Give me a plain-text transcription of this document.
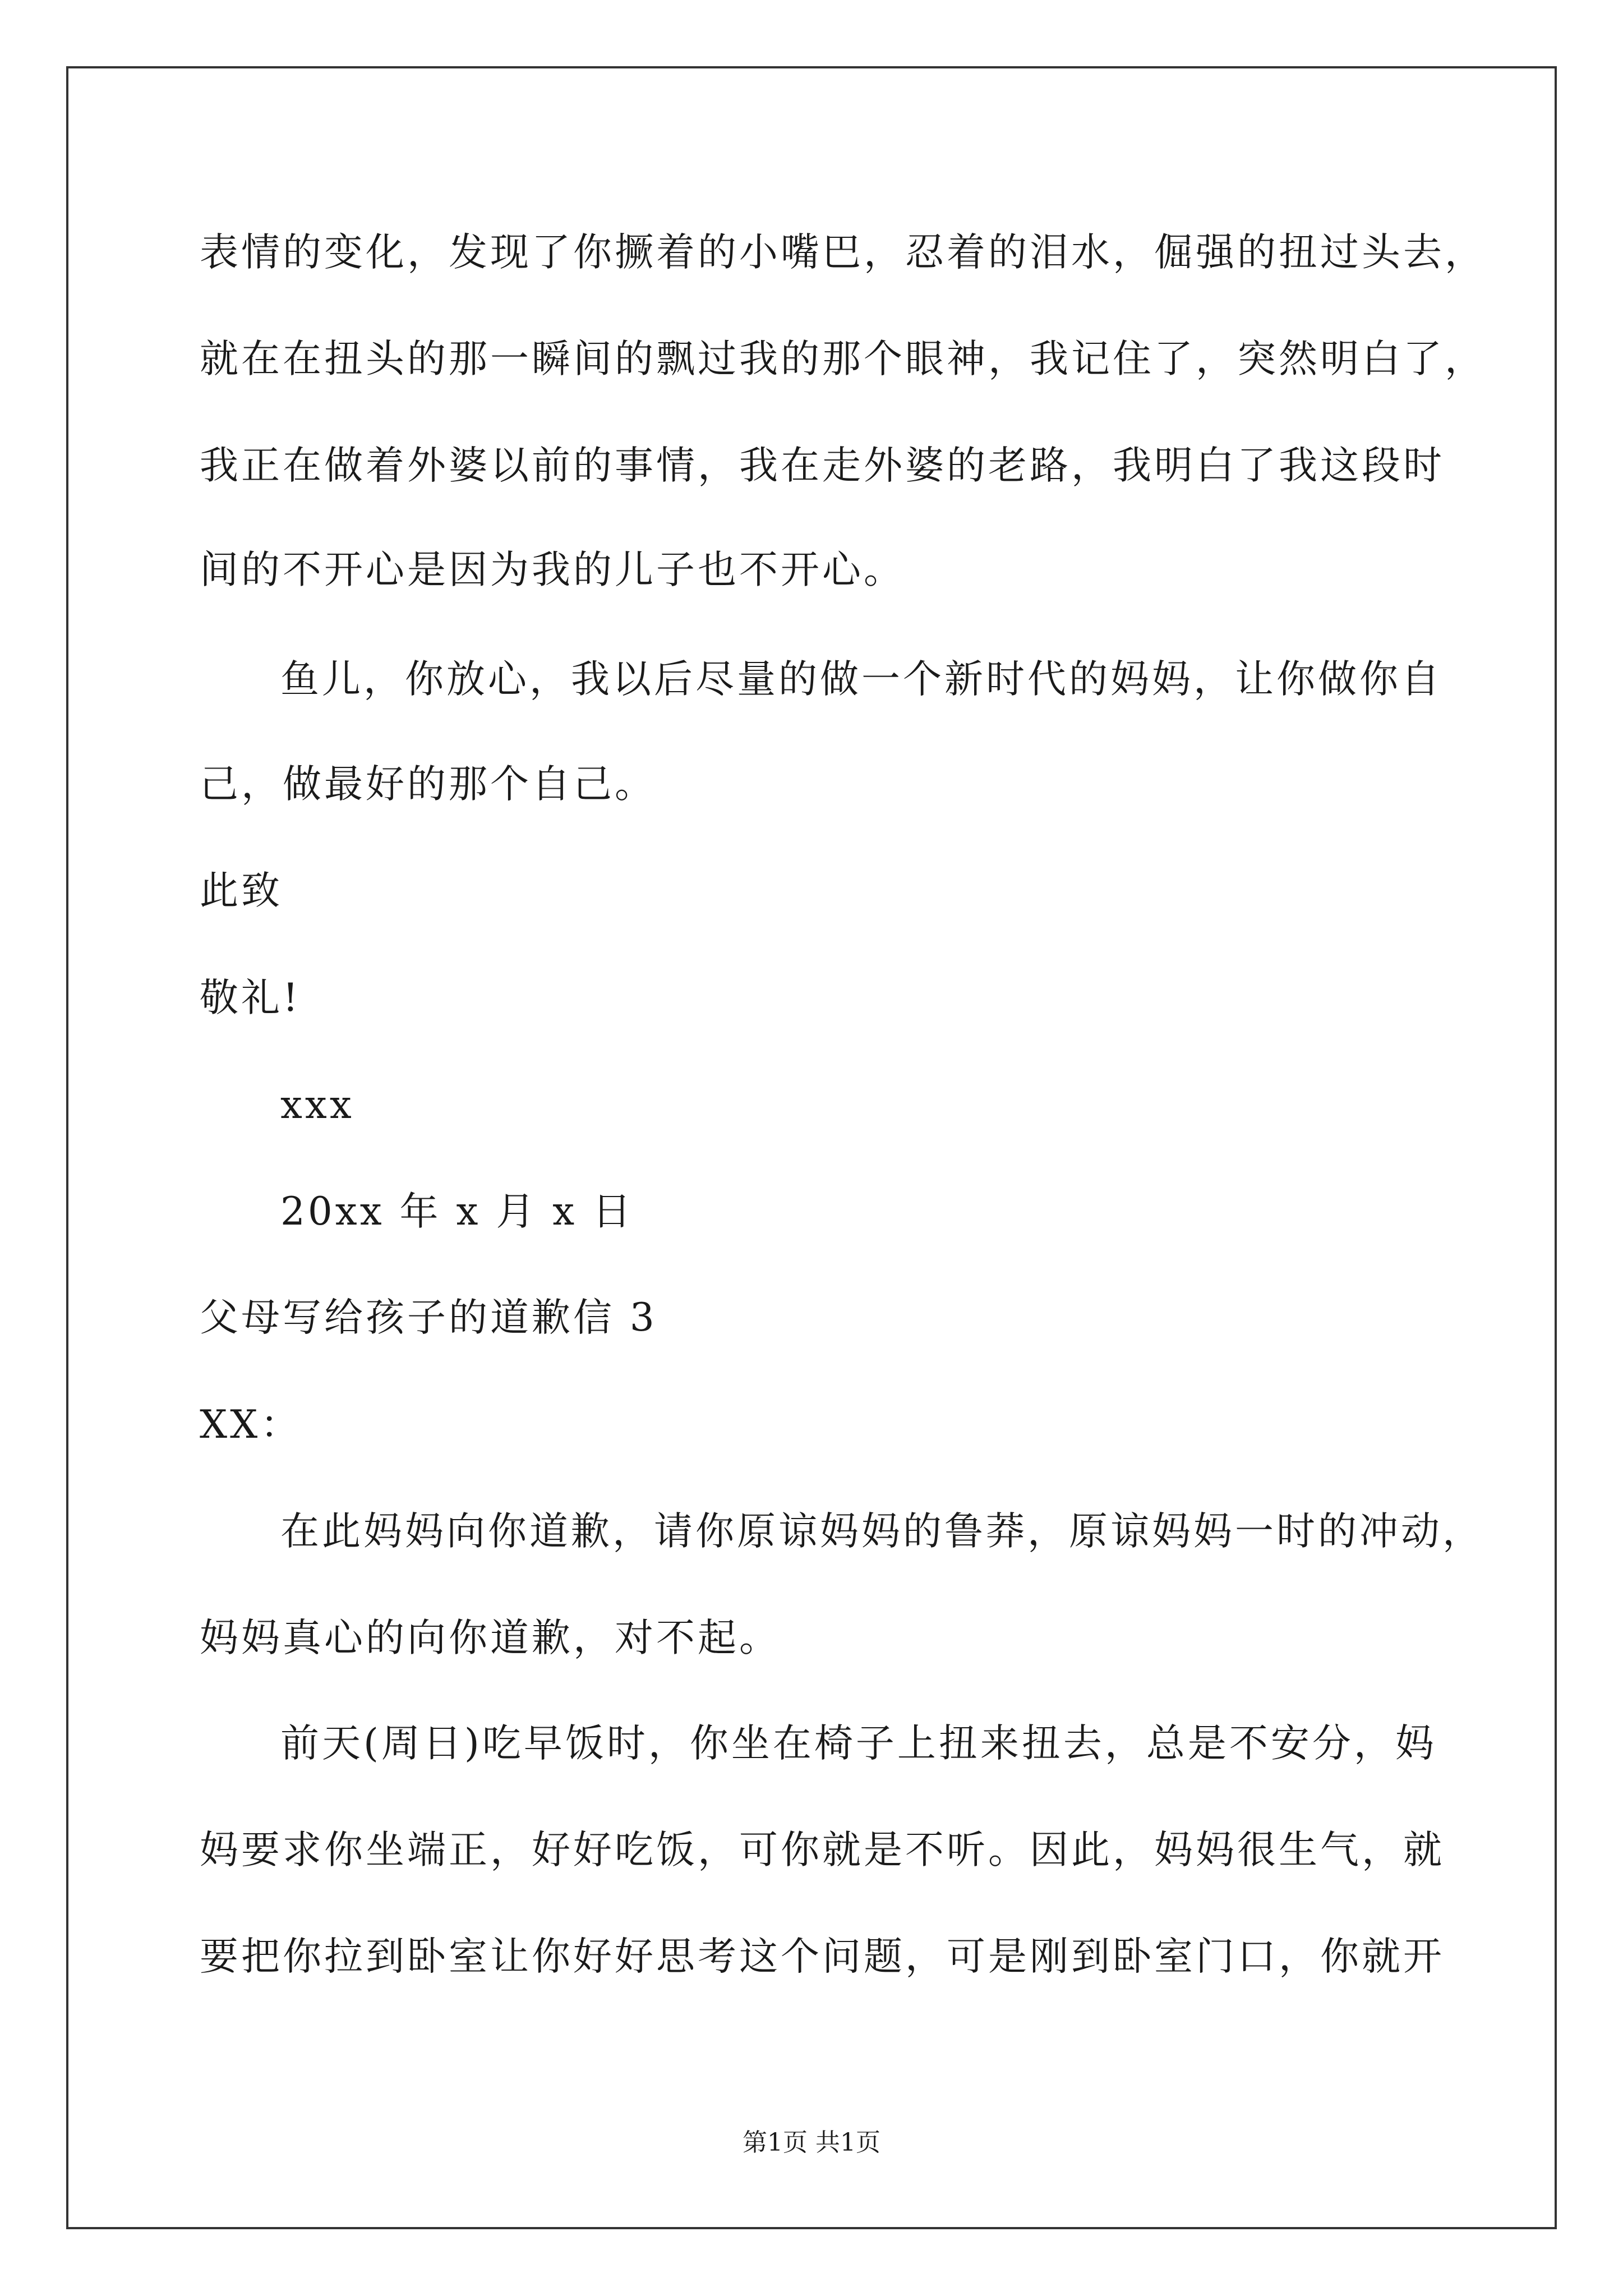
表情的变化，发现了你撅着的小嘴巴，忍着的泪水，倔强的扭过头去，
就在在扭头的那一瞬间的飘过我的那个眼神，我记住了，突然明白了，
我正在做着外婆以前的事情，我在走外婆的老路，我明白了我这段时
间的不开心是因为我的儿子也不开心。
鱼儿，你放心，我以后尽量的做一个新时代的妈妈，让你做你自
己，做最好的那个自己。
此致
敬礼!
xxx
20xx 年 x 月 x 日
父母写给孩子的道歉信 3
XX：
在此妈妈向你道歉，请你原谅妈妈的鲁莽，原谅妈妈一时的冲动，
妈妈真心的向你道歉，对不起。
前天(周日)吃早饭时，你坐在椅子上扭来扭去，总是不安分，妈
妈要求你坐端正，好好吃饭，可你就是不听。因此，妈妈很生气，就
要把你拉到卧室让你好好思考这个问题，可是刚到卧室门口，你就开
第1页 共1页
